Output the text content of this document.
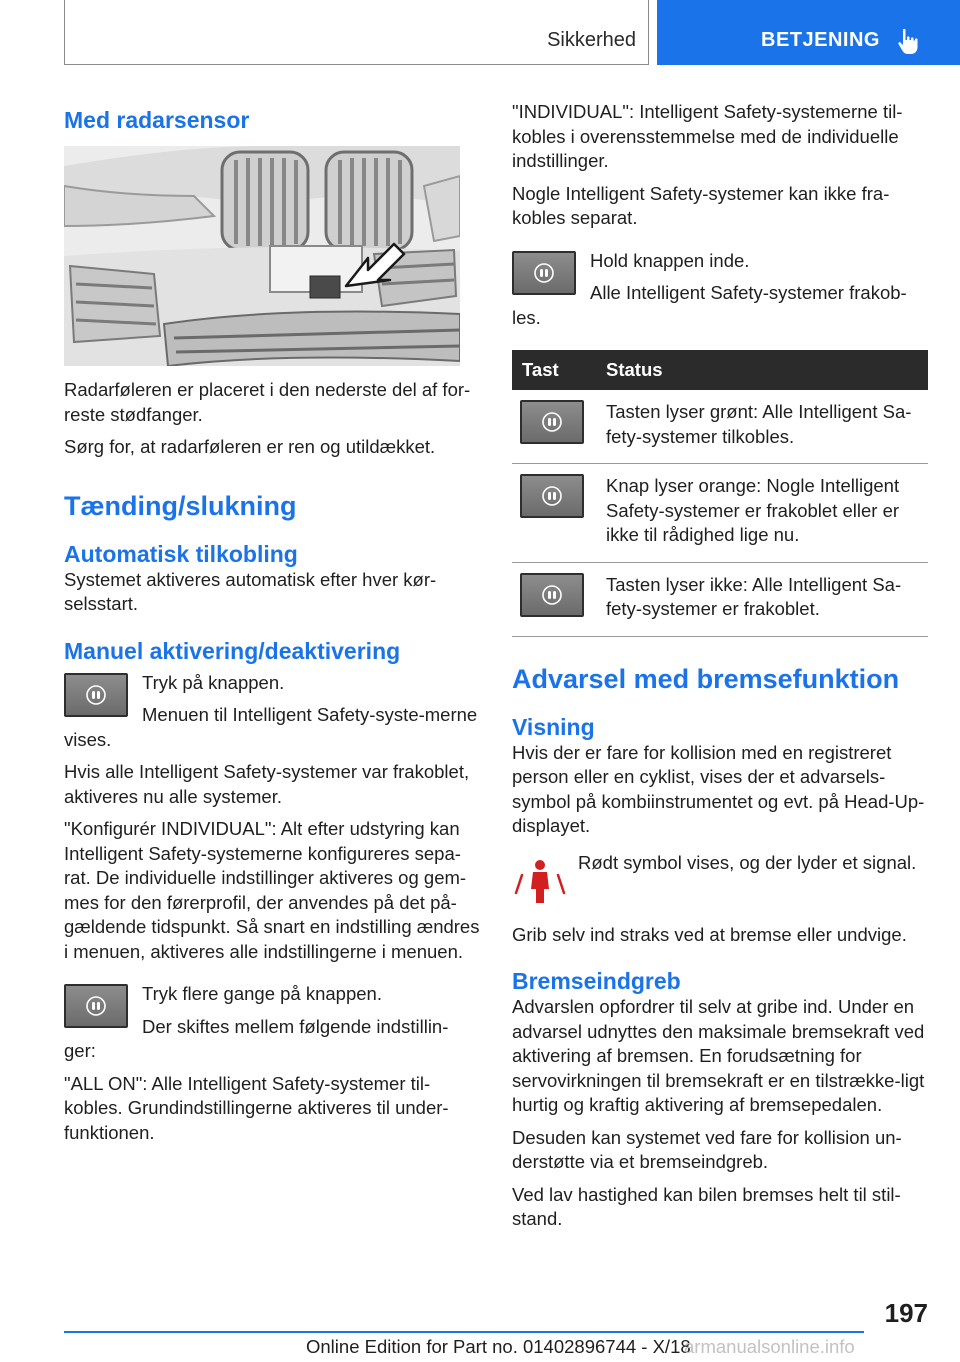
Sikkerhed	BETJENING
Med radarsensor

Radarføleren er placeret i den nederste del af for-reste stødfanger.

Sørg for, at radarføleren er ren og utildækket.

Tænding/slukning
Automatisk tilkobling

Systemet aktiveres automatisk efter hver kør-selsstart.

Manuel aktivering/deaktivering

Tryk på knappen.

Menuen til Intelligent Safety-syste-merne vises.

Hvis alle Intelligent Safety-systemer var frakoblet, aktiveres nu alle systemer.

"Konfigurér INDIVIDUAL": Alt efter udstyring kan Intelligent Safety-systemerne konfigureres sepa-rat. De individuelle indstillinger aktiveres og gem-mes for den førerprofil, der anvendes på det på-gældende tidspunkt. Så snart en indstilling ændres i menuen, aktiveres alle indstillingerne i menuen.

Tryk flere gange på knappen.

Der skiftes mellem følgende indstillin-ger:

"ALL ON": Alle Intelligent Safety-systemer til-kobles. Grundindstillingerne aktiveres til under-funktionen.

"INDIVIDUAL": Intelligent Safety-systemerne til-kobles i overensstemmelse med de individuelle indstillinger.

Nogle Intelligent Safety-systemer kan ikke fra-kobles separat.

Hold knappen inde.

Alle Intelligent Safety-systemer frakob-les.

Tast	Status

	Tasten lyser grønt: Alle Intelligent Sa-fety-systemer tilkobles.

	Knap lyser orange: Nogle Intelligent Safety-systemer er frakoblet eller er ikke til rådighed lige nu.

	Tasten lyser ikke: Alle Intelligent Sa-fety-systemer er frakoblet.
Advarsel med bremsefunktion
Visning

Hvis der er fare for kollision med en registreret person eller en cyklist, vises der et advarsels-symbol på kombiinstrumentet og evt. på Head-Up-displayet.

Rødt symbol vises, og der lyder et signal.

Grib selv ind straks ved at bremse eller undvige.

Bremseindgreb

Advarslen opfordrer til selv at gribe ind. Under en advarsel udnyttes den maksimale bremsekraft ved aktivering af bremsen. En forudsætning for servovirkningen til bremsekraft er en tilstrække-ligt hurtig og kraftig aktivering af bremsepedalen.

Desuden kan systemet ved fare for kollision un-derstøtte via et bremseindgreb.

Ved lav hastighed kan bilen bremses helt til stil-stand.

197
Online Edition for Part no. 01402896744 - X/18
armanualsonline.info
